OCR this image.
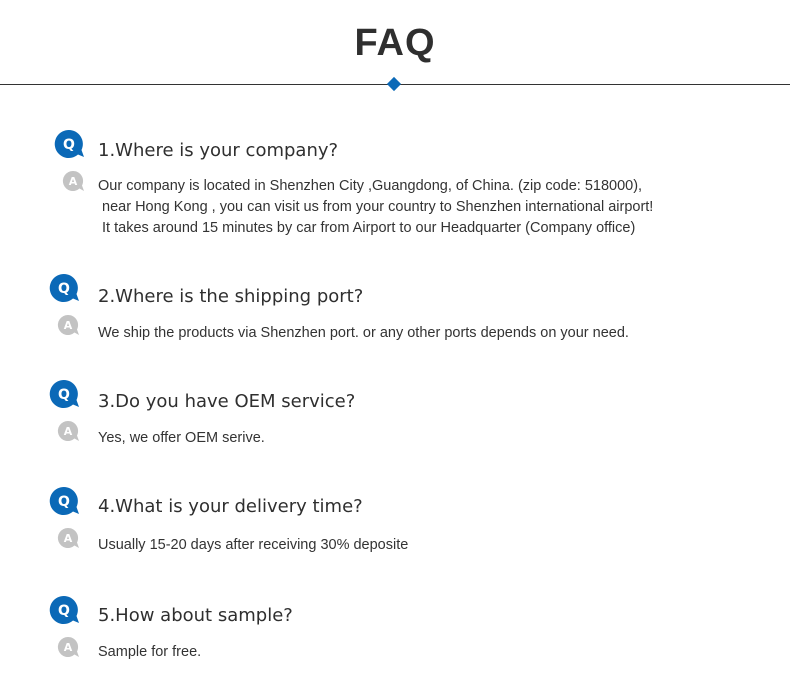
FAQ
Q
A
1.Where is your company?
Our company is located in Shenzhen City ,Guangdong, of China. (zip code: 518000),
near Hong Kong , you can visit us from your country to Shenzhen international airport!
It takes around 15 minutes by car from Airport to our Headquarter (Company office)
Q
A
2.Where is the shipping port?
We ship the products via Shenzhen port. or any other ports depends on your need.
Q
A
3.Do you have OEM service?
Yes, we offer OEM serive.
Q
A
4.What is your delivery time?
Usually 15-20 days after receiving 30% deposite
Q
A
5.How about sample?
Sample for free.
